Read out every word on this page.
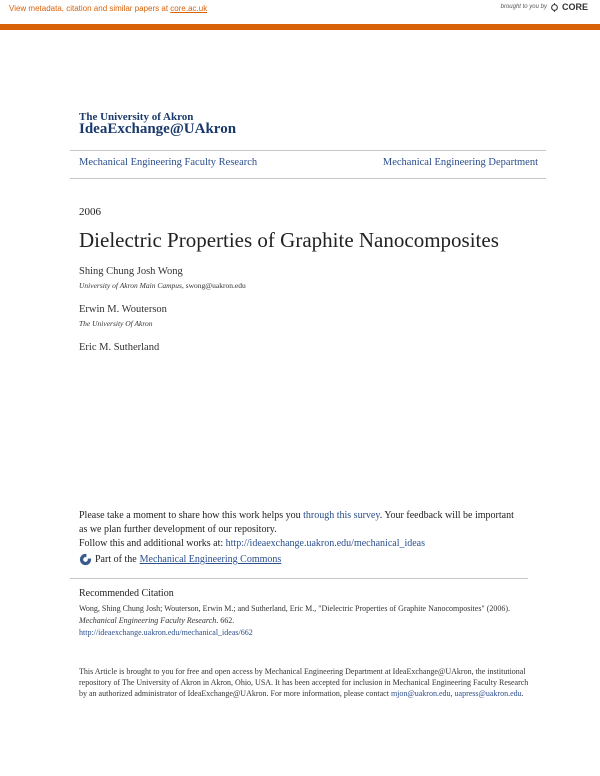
View metadata, citation and similar papers at core.ac.uk	brought to you by CORE
provided by The University of Akron
The University of Akron
IdeaExchange@UAkron
Mechanical Engineering Faculty Research	Mechanical Engineering Department
2006
Dielectric Properties of Graphite Nanocomposites
Shing Chung Josh Wong
University of Akron Main Campus, swong@uakron.edu
Erwin M. Wouterson
The University Of Akron
Eric M. Sutherland
Please take a moment to share how this work helps you through this survey. Your feedback will be important as we plan further development of our repository.
Follow this and additional works at: http://ideaexchange.uakron.edu/mechanical_ideas
Part of the Mechanical Engineering Commons
Recommended Citation
Wong, Shing Chung Josh; Wouterson, Erwin M.; and Sutherland, Eric M., "Dielectric Properties of Graphite Nanocomposites" (2006). Mechanical Engineering Faculty Research. 662.
http://ideaexchange.uakron.edu/mechanical_ideas/662
This Article is brought to you for free and open access by Mechanical Engineering Department at IdeaExchange@UAkron, the institutional repository of The University of Akron in Akron, Ohio, USA. It has been accepted for inclusion in Mechanical Engineering Faculty Research by an authorized administrator of IdeaExchange@UAkron. For more information, please contact mjon@uakron.edu, uapress@uakron.edu.
